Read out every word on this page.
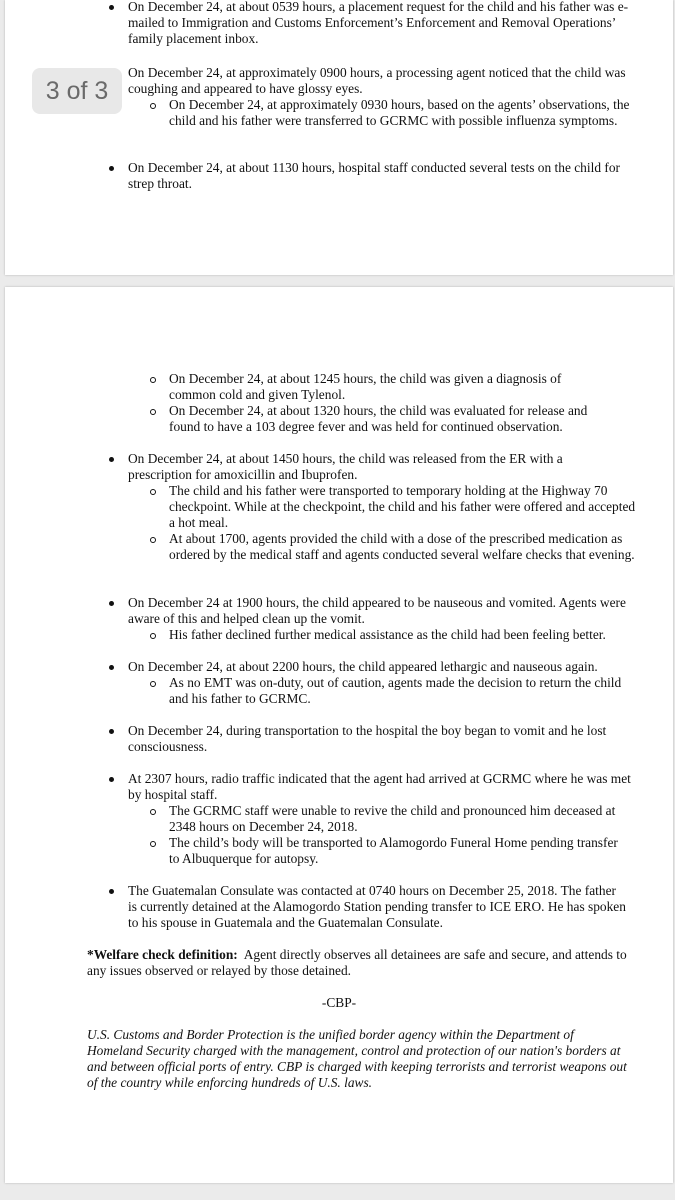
On December 24, at about 0539 hours, a placement request for the child and his father was e-mailed to Immigration and Customs Enforcement’s Enforcement and Removal Operations’ family placement inbox.

On December 24, at approximately 0900 hours, a processing agent noticed that the child was coughing and appeared to have glossy eyes.

On December 24, at approximately 0930 hours, based on the agents’ observations, the child and his father were transferred to GCRMC with possible influenza symptoms.

On December 24, at about 1130 hours, hospital staff conducted several tests on the child for strep throat.

3 of 3

On December 24, at about 1245 hours, the child was given a diagnosis of common cold and given Tylenol.

On December 24, at about 1320 hours, the child was evaluated for release and found to have a 103 degree fever and was held for continued observation.

On December 24, at about 1450 hours, the child was released from the ER with a prescription for amoxicillin and Ibuprofen.

The child and his father were transported to temporary holding at the Highway 70 checkpoint. While at the checkpoint, the child and his father were offered and accepted a hot meal.

At about 1700, agents provided the child with a dose of the prescribed medication as ordered by the medical staff and agents conducted several welfare checks that evening.

On December 24 at 1900 hours, the child appeared to be nauseous and vomited. Agents were aware of this and helped clean up the vomit.

His father declined further medical assistance as the child had been feeling better.

On December 24, at about 2200 hours, the child appeared lethargic and nauseous again.

As no EMT was on-duty, out of caution, agents made the decision to return the child and his father to GCRMC.

On December 24, during transportation to the hospital the boy began to vomit and he lost consciousness.

At 2307 hours, radio traffic indicated that the agent had arrived at GCRMC where he was met by hospital staff.

The GCRMC staff were unable to revive the child and pronounced him deceased at 2348 hours on December 24, 2018.

The child’s body will be transported to Alamogordo Funeral Home pending transfer to Albuquerque for autopsy.

The Guatemalan Consulate was contacted at 0740 hours on December 25, 2018. The father is currently detained at the Alamogordo Station pending transfer to ICE ERO. He has spoken to his spouse in Guatemala and the Guatemalan Consulate.

*Welfare check definition: Agent directly observes all detainees are safe and secure, and attends to any issues observed or relayed by those detained.

-CBP-

U.S. Customs and Border Protection is the unified border agency within the Department of Homeland Security charged with the management, control and protection of our nation's borders at and between official ports of entry. CBP is charged with keeping terrorists and terrorist weapons out of the country while enforcing hundreds of U.S. laws.
